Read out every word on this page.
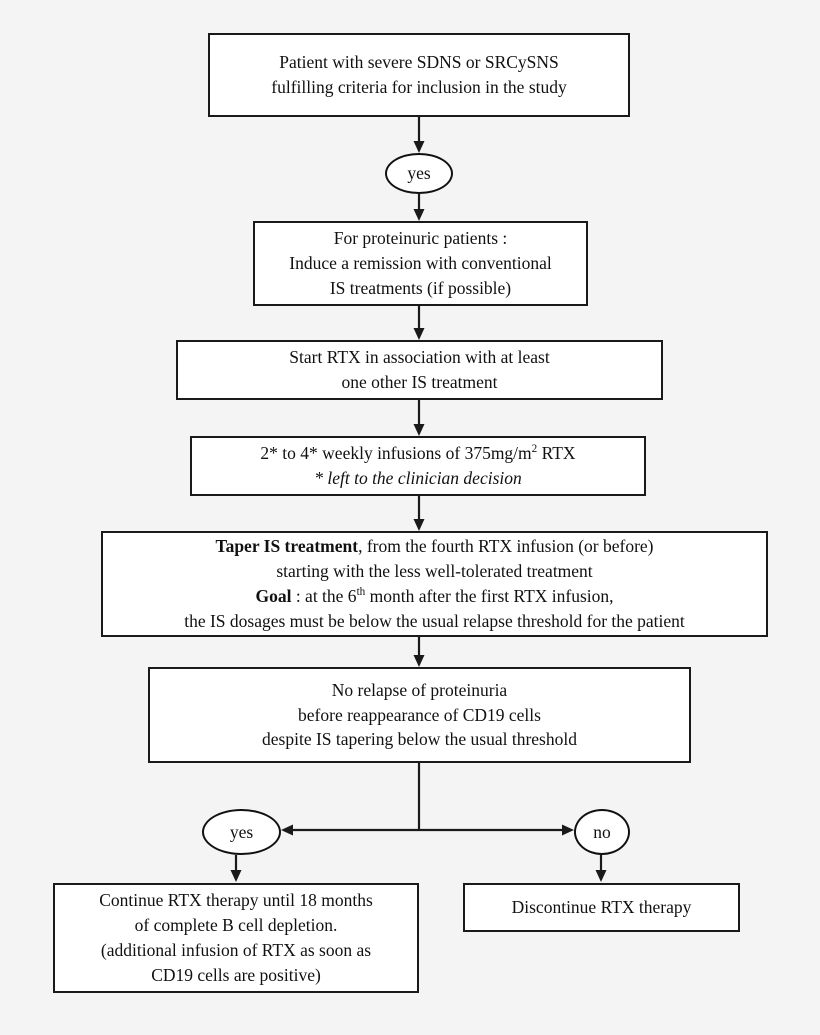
Patient with severe SDNS or SRCySNS
fulfilling criteria for inclusion in the study
yes
For proteinuric patients :
Induce a remission with conventional
IS treatments (if possible)
Start RTX in association with at least
one other IS treatment
2* to 4* weekly infusions of $375mg/m^2$ RTX
* left to the clinician decision
Taper IS treatment, from the fourth RTX infusion (or before)
starting with the less well-tolerated treatment
Goal : at the 6th month after the first RTX infusion,
the IS dosages must be below the usual relapse threshold for the patient
No relapse of proteinuria
before reappearance of CD19 cells
despite IS tapering below the usual threshold
yes	no
Continue RTX therapy until 18 months
of complete B cell depletion.
(additional infusion of RTX as soon as
CD19 cells are positive)
Discontinue RTX therapy
